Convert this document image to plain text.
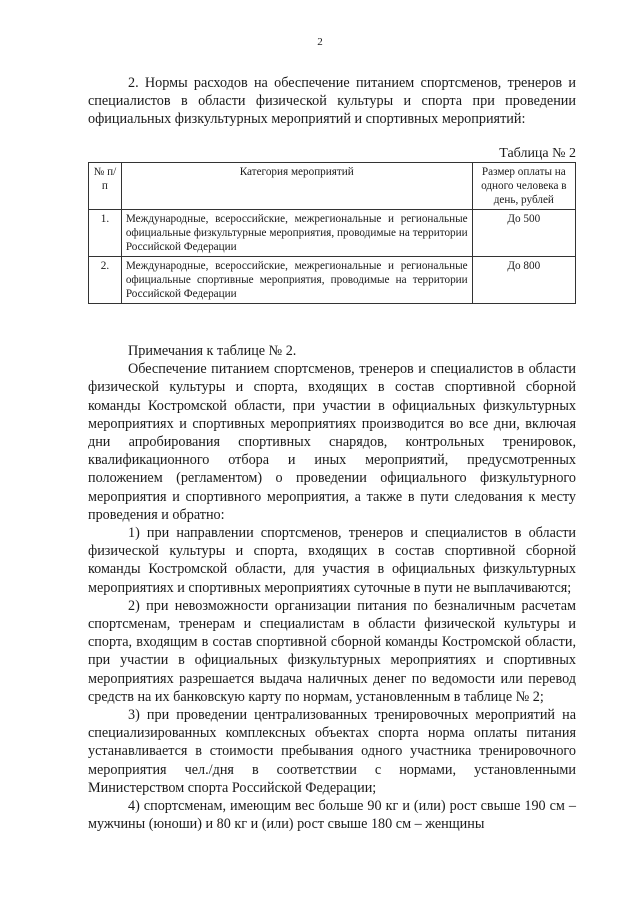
2

2. Нормы расходов на обеспечение питанием спортсменов, тренеров и специалистов в области физической культуры и спорта при проведении официальных физкультурных мероприятий и спортивных мероприятий:

Таблица № 2
№ п/п	Категория мероприятий	Размер оплаты на одного человека в день, рублей
1.	Международные, всероссийские, межрегиональные и региональные официальные физкультурные мероприятия, проводимые на территории Российской Федерации	До 500
2.	Международные, всероссийские, межрегиональные и региональные официальные спортивные мероприятия, проводимые на территории Российской Федерации	До 800

Примечания к таблице № 2.

Обеспечение питанием спортсменов, тренеров и специалистов в области физической культуры и спорта, входящих в состав спортивной сборной команды Костромской области, при участии в официальных физкультурных мероприятиях и спортивных мероприятиях производится во все дни, включая дни апробирования спортивных снарядов, контрольных тренировок, квалификационного отбора и иных мероприятий, предусмотренных положением (регламентом) о проведении официального физкультурного мероприятия и спортивного мероприятия, а также в пути следования к месту проведения и обратно:

1) при направлении спортсменов, тренеров и специалистов в области физической культуры и спорта, входящих в состав спортивной сборной команды Костромской области, для участия в официальных физкультурных мероприятиях и спортивных мероприятиях суточные в пути не выплачиваются;

2) при невозможности организации питания по безналичным расчетам спортсменам, тренерам и специалистам в области физической культуры и спорта, входящим в состав спортивной сборной команды Костромской области, при участии в официальных физкультурных мероприятиях и спортивных мероприятиях разрешается выдача наличных денег по ведомости или перевод средств на их банковскую карту по нормам, установленным в таблице № 2;

3) при проведении централизованных тренировочных мероприятий на специализированных комплексных объектах спорта норма оплаты питания устанавливается в стоимости пребывания одного участника тренировочного мероприятия чел./дня в соответствии с нормами, установленными Министерством спорта Российской Федерации;

4) спортсменам, имеющим вес больше 90 кг и (или) рост свыше 190 см – мужчины (юноши) и 80 кг и (или) рост свыше 180 см – женщины
